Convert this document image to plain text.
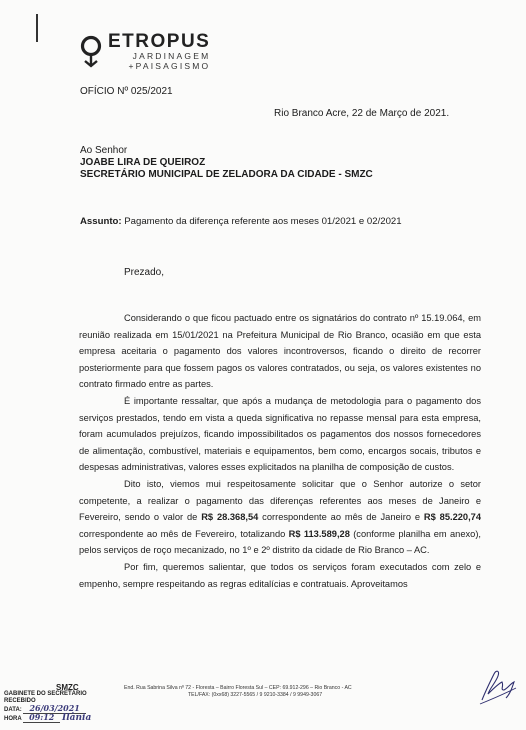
ETROPUS
JARDINAGEM
+PAISAGISMO
OFÍCIO Nº 025/2021
Rio Branco Acre, 22 de Março de 2021.
Ao Senhor
JOABE LIRA DE QUEIROZ
SECRETÁRIO MUNICIPAL DE ZELADORA DA CIDADE - SMZC
Assunto: Pagamento da diferença referente aos meses 01/2021 e 02/2021
Prezado,

Considerando o que ficou pactuado entre os signatários do contrato nº 15.19.064, em reunião realizada em 15/01/2021 na Prefeitura Municipal de Rio Branco, ocasião em que esta empresa aceitaria o pagamento dos valores incontroversos, ficando o direito de recorrer posteriormente para que fossem pagos os valores contratados, ou seja, os valores existentes no contrato firmado entre as partes.

É importante ressaltar, que após a mudança de metodologia para o pagamento dos serviços prestados, tendo em vista a queda significativa no repasse mensal para esta empresa, foram acumulados prejuízos, ficando impossibilitados os pagamentos dos nossos fornecedores de alimentação, combustível, materiais e equipamentos, bem como, encargos socais, tributos e despesas administrativas, valores esses explicitados na planilha de composição de custos.

Dito isto, viemos mui respeitosamente solicitar que o Senhor autorize o setor competente, a realizar o pagamento das diferenças referentes aos meses de Janeiro e Fevereiro, sendo o valor de R$ 28.368,54 correspondente ao mês de Janeiro e R$ 85.220,74 correspondente ao mês de Fevereiro, totalizando R$ 113.589,28 (conforme planilha em anexo), pelos serviços de roço mecanizado, no 1º e 2º distrito da cidade de Rio Branco – AC.

Por fim, queremos salientar, que todos os serviços foram executados com zelo e empenho, sempre respeitando as regras editalícias e contratuais. Aproveitamos

End. Rua Sabrina Silva nº 72 - Floresta – Bairro Floresta Sul – CEP: 69.912-296 – Rio Branco - AC
TEL/FAX: (0xx68) 3227-5565 / 9 9210-3384 / 9 9949-3067
SMZC
GABINETE DO SECRETÁRIO
RECEBIDO
DATA: 26/03/2021
HORA 09:12 Ilânia
